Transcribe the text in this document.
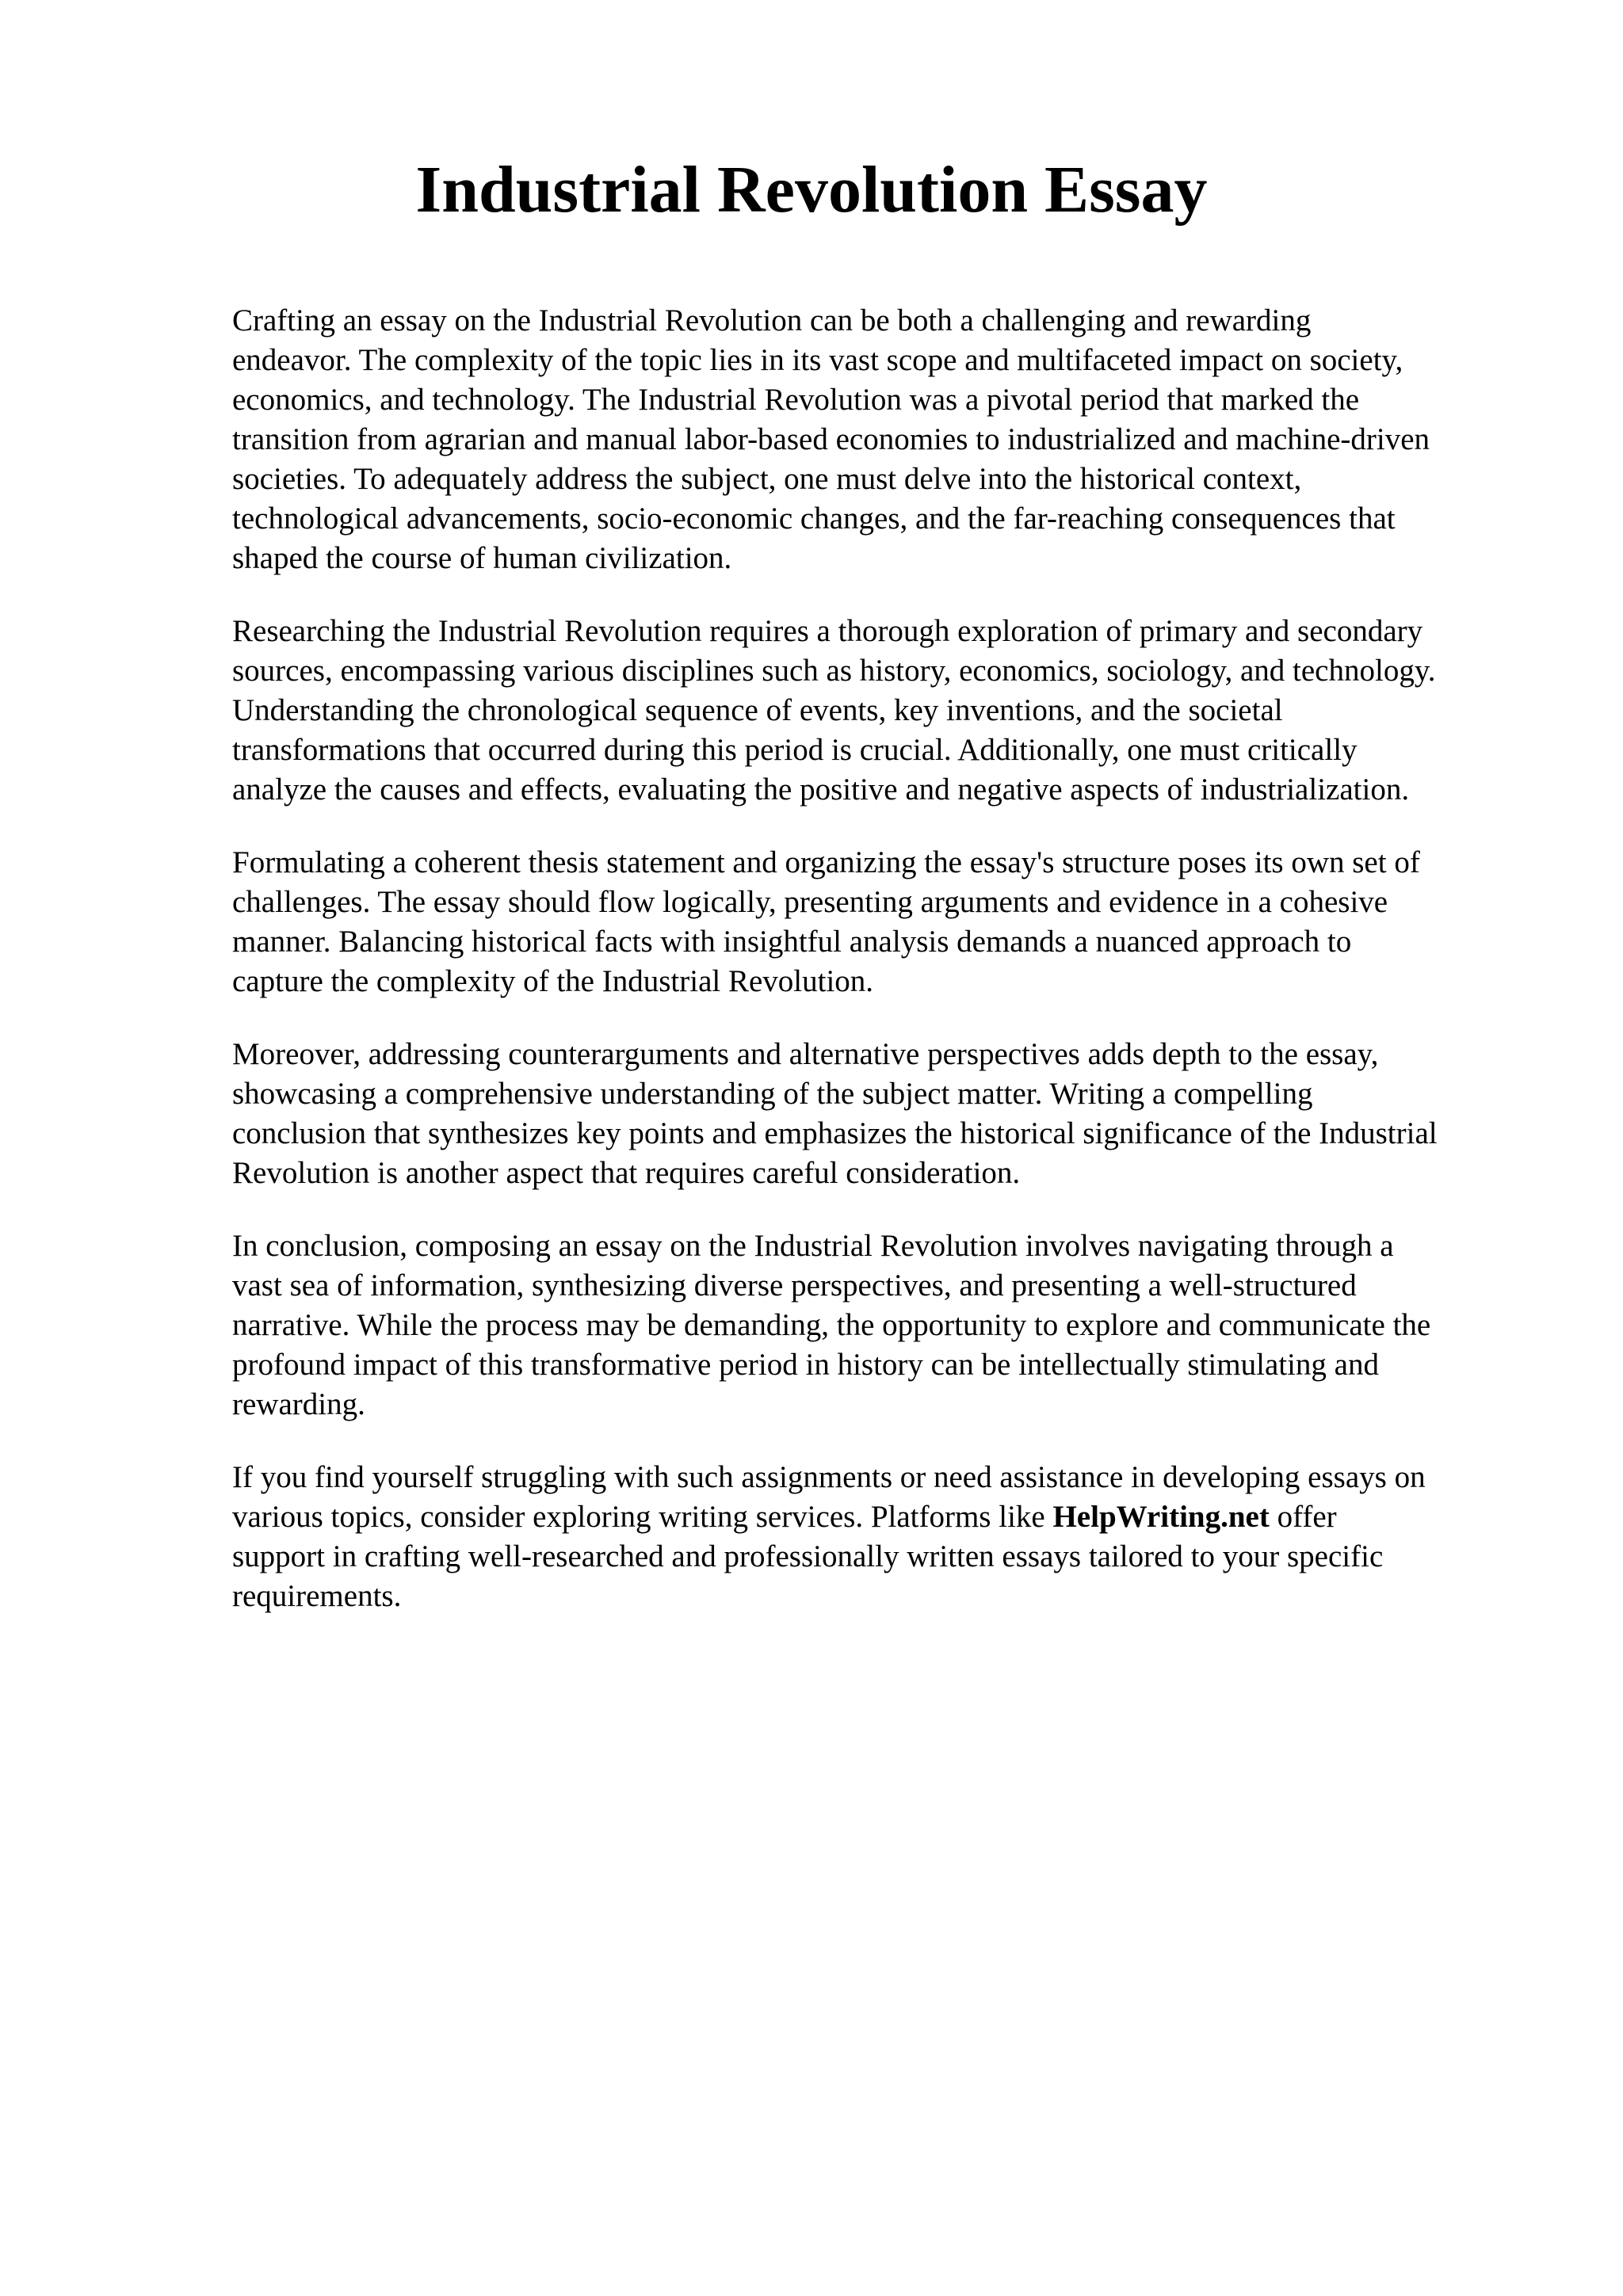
Industrial Revolution Essay

Crafting an essay on the Industrial Revolution can be both a challenging and rewarding
endeavor. The complexity of the topic lies in its vast scope and multifaceted impact on society,
economics, and technology. The Industrial Revolution was a pivotal period that marked the
transition from agrarian and manual labor-based economies to industrialized and machine-driven
societies. To adequately address the subject, one must delve into the historical context,
technological advancements, socio-economic changes, and the far-reaching consequences that
shaped the course of human civilization.

Researching the Industrial Revolution requires a thorough exploration of primary and secondary
sources, encompassing various disciplines such as history, economics, sociology, and technology.
Understanding the chronological sequence of events, key inventions, and the societal
transformations that occurred during this period is crucial. Additionally, one must critically
analyze the causes and effects, evaluating the positive and negative aspects of industrialization.

Formulating a coherent thesis statement and organizing the essay's structure poses its own set of
challenges. The essay should flow logically, presenting arguments and evidence in a cohesive
manner. Balancing historical facts with insightful analysis demands a nuanced approach to
capture the complexity of the Industrial Revolution.

Moreover, addressing counterarguments and alternative perspectives adds depth to the essay,
showcasing a comprehensive understanding of the subject matter. Writing a compelling
conclusion that synthesizes key points and emphasizes the historical significance of the Industrial
Revolution is another aspect that requires careful consideration.

In conclusion, composing an essay on the Industrial Revolution involves navigating through a
vast sea of information, synthesizing diverse perspectives, and presenting a well-structured
narrative. While the process may be demanding, the opportunity to explore and communicate the
profound impact of this transformative period in history can be intellectually stimulating and
rewarding.

If you find yourself struggling with such assignments or need assistance in developing essays on
various topics, consider exploring writing services. Platforms like HelpWriting.net offer
support in crafting well-researched and professionally written essays tailored to your specific
requirements.
